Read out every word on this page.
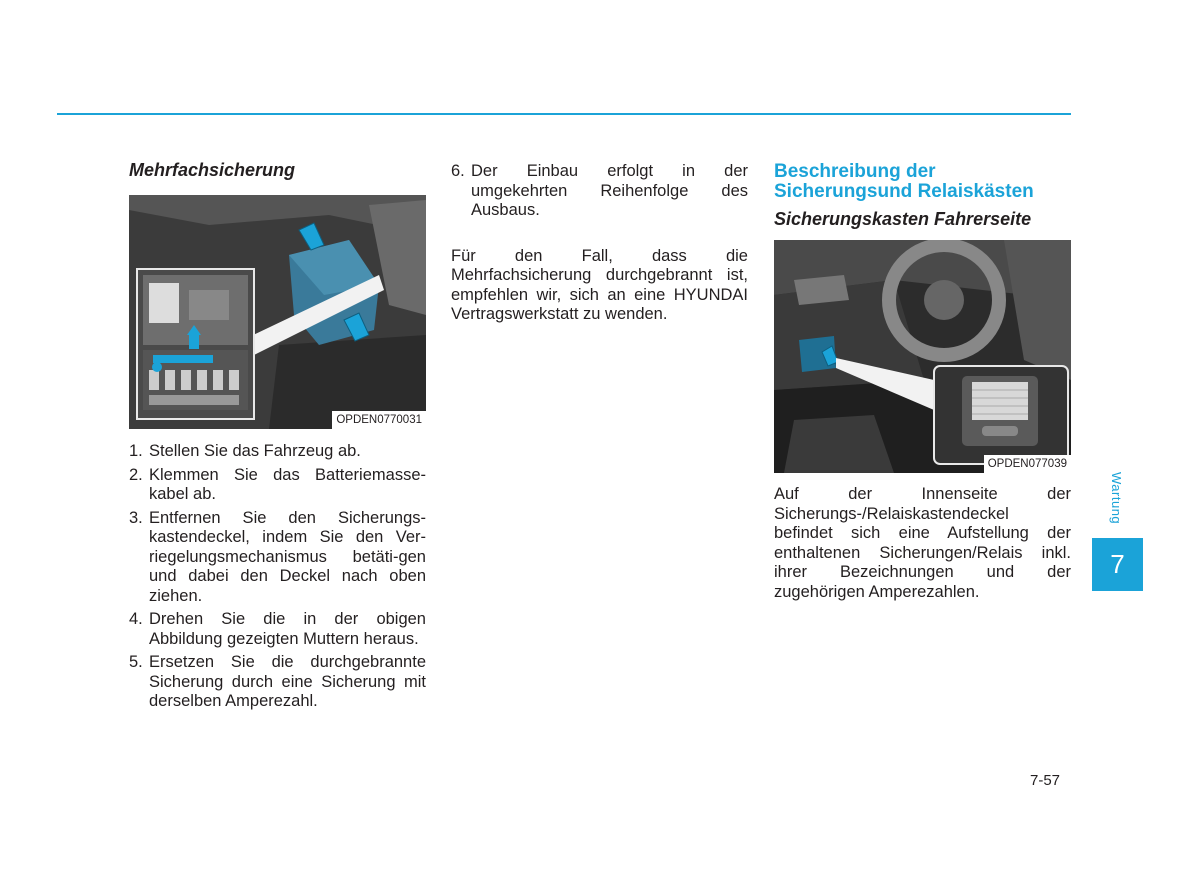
Mehrfachsicherung
OPDEN0770031
1. Stellen Sie das Fahrzeug ab.
2. Klemmen Sie das Batteriemasse-kabel ab.
3. Entfernen Sie den Sicherungs-kastendeckel, indem Sie den Ver-riegelungsmechanismus betäti-gen und dabei den Deckel nach oben ziehen.
4. Drehen Sie die in der obigen Abbildung gezeigten Muttern heraus.
5. Ersetzen Sie die durchgebrannte Sicherung durch eine Sicherung mit derselben Amperezahl.
6. Der Einbau erfolgt in der umgekehrten Reihenfolge des Ausbaus.

Für den Fall, dass die Mehrfachsicherung durchgebrannt ist, empfehlen wir, sich an eine HYUNDAI Vertragswerkstatt zu wenden.

Beschreibung der
Sicherungsund Relaiskästen
Sicherungskasten Fahrerseite
OPDEN077039

Auf der Innenseite der Sicherungs-/Relaiskastendeckel befindet sich eine Aufstellung der enthaltenen Sicherungen/Relais inkl. ihrer Bezeichnungen und der zugehörigen Amperezahlen.

Wartung
7
7-57
